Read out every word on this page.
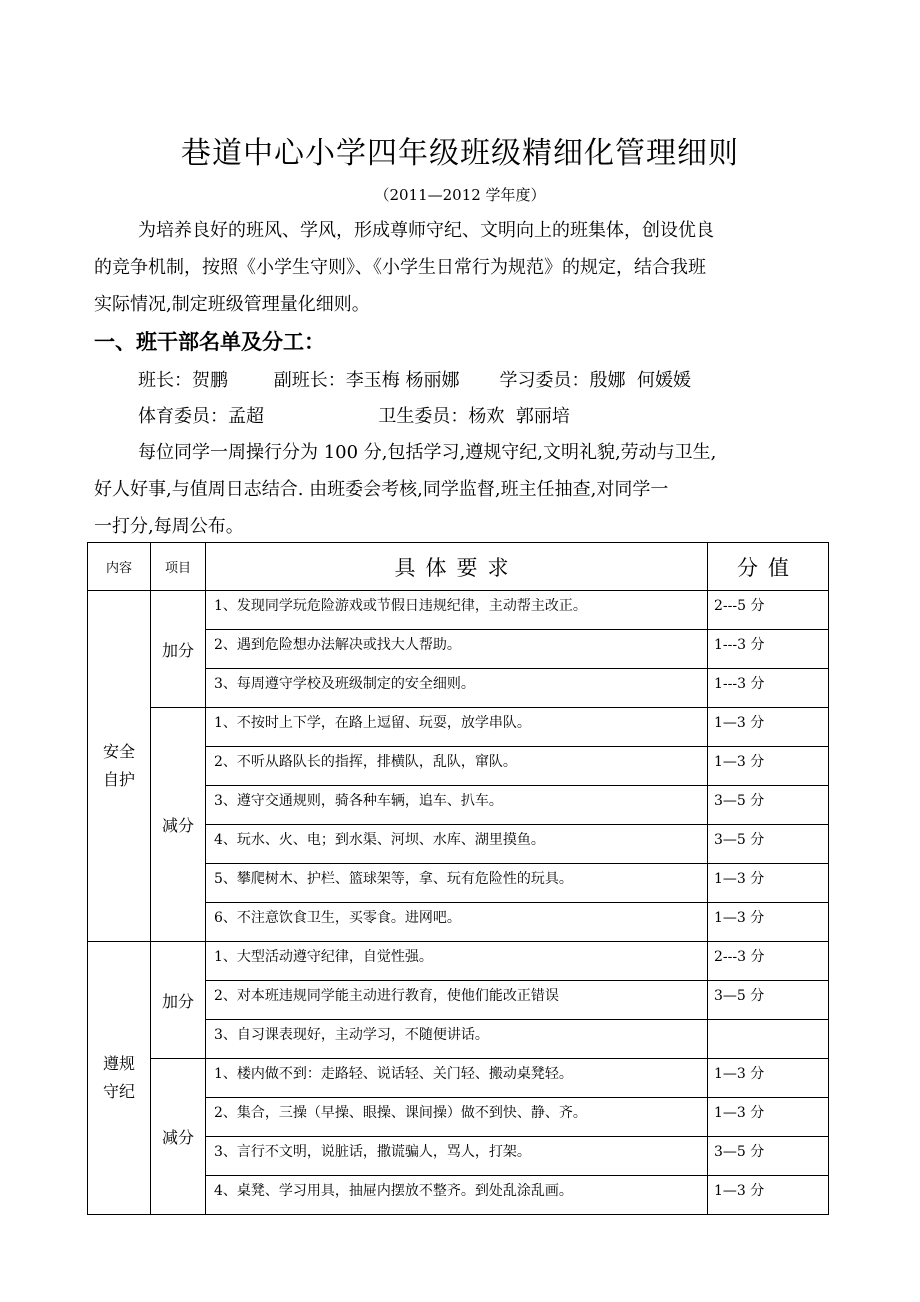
巷道中心小学四年级班级精细化管理细则
（2011—2012 学年度）
为培养良好的班风、学风，形成尊师守纪、文明向上的班集体，创设优良
的竞争机制，按照《小学生守则》、《小学生日常行为规范》的规定，结合我班
实际情况,制定班级管理量化细则。
一、班干部名单及分工：
班长：贺鹏        副班长：李玉梅 杨丽娜       学习委员：殷娜  何媛媛
体育委员：孟超                    卫生委员：杨欢  郭丽培
每位同学一周操行分为 100 分,包括学习,遵规守纪,文明礼貌,劳动与卫生,
好人好事,与值周日志结合. 由班委会考核,同学监督,班主任抽查,对同学一
一打分,每周公布。
内容	项目	具体要求	分值

安全
自护	加分	1、发现同学玩危险游戏或节假日违规纪律，主动帮主改正。	2---5 分
		2、遇到危险想办法解决或找大人帮助。	1---3 分
		3、每周遵守学校及班级制定的安全细则。	1---3 分
	减分	1、不按时上下学，在路上逗留、玩耍，放学串队。	1—3 分
		2、不听从路队长的指挥，排横队，乱队，窜队。	1—3 分
		3、遵守交通规则，骑各种车辆，追车、扒车。	3—5 分
		4、玩水、火、电；到水渠、河坝、水库、湖里摸鱼。	3—5 分
		5、攀爬树木、护栏、篮球架等，拿、玩有危险性的玩具。	1—3 分
		6、不注意饮食卫生，买零食。进网吧。	1—3 分

遵规
守纪	加分	1、大型活动遵守纪律，自觉性强。	2---3 分
		2、对本班违规同学能主动进行教育，使他们能改正错误	3—5 分
		3、自习课表现好，主动学习，不随便讲话。	
	减分	1、楼内做不到：走路轻、说话轻、关门轻、搬动桌凳轻。	1—3 分
		2、集合，三操（早操、眼操、课间操）做不到快、静、齐。	1—3 分
		3、言行不文明，说脏话，撒谎骗人，骂人，打架。	3—5 分
		4、桌凳、学习用具，抽屉内摆放不整齐。到处乱涂乱画。	1—3 分
